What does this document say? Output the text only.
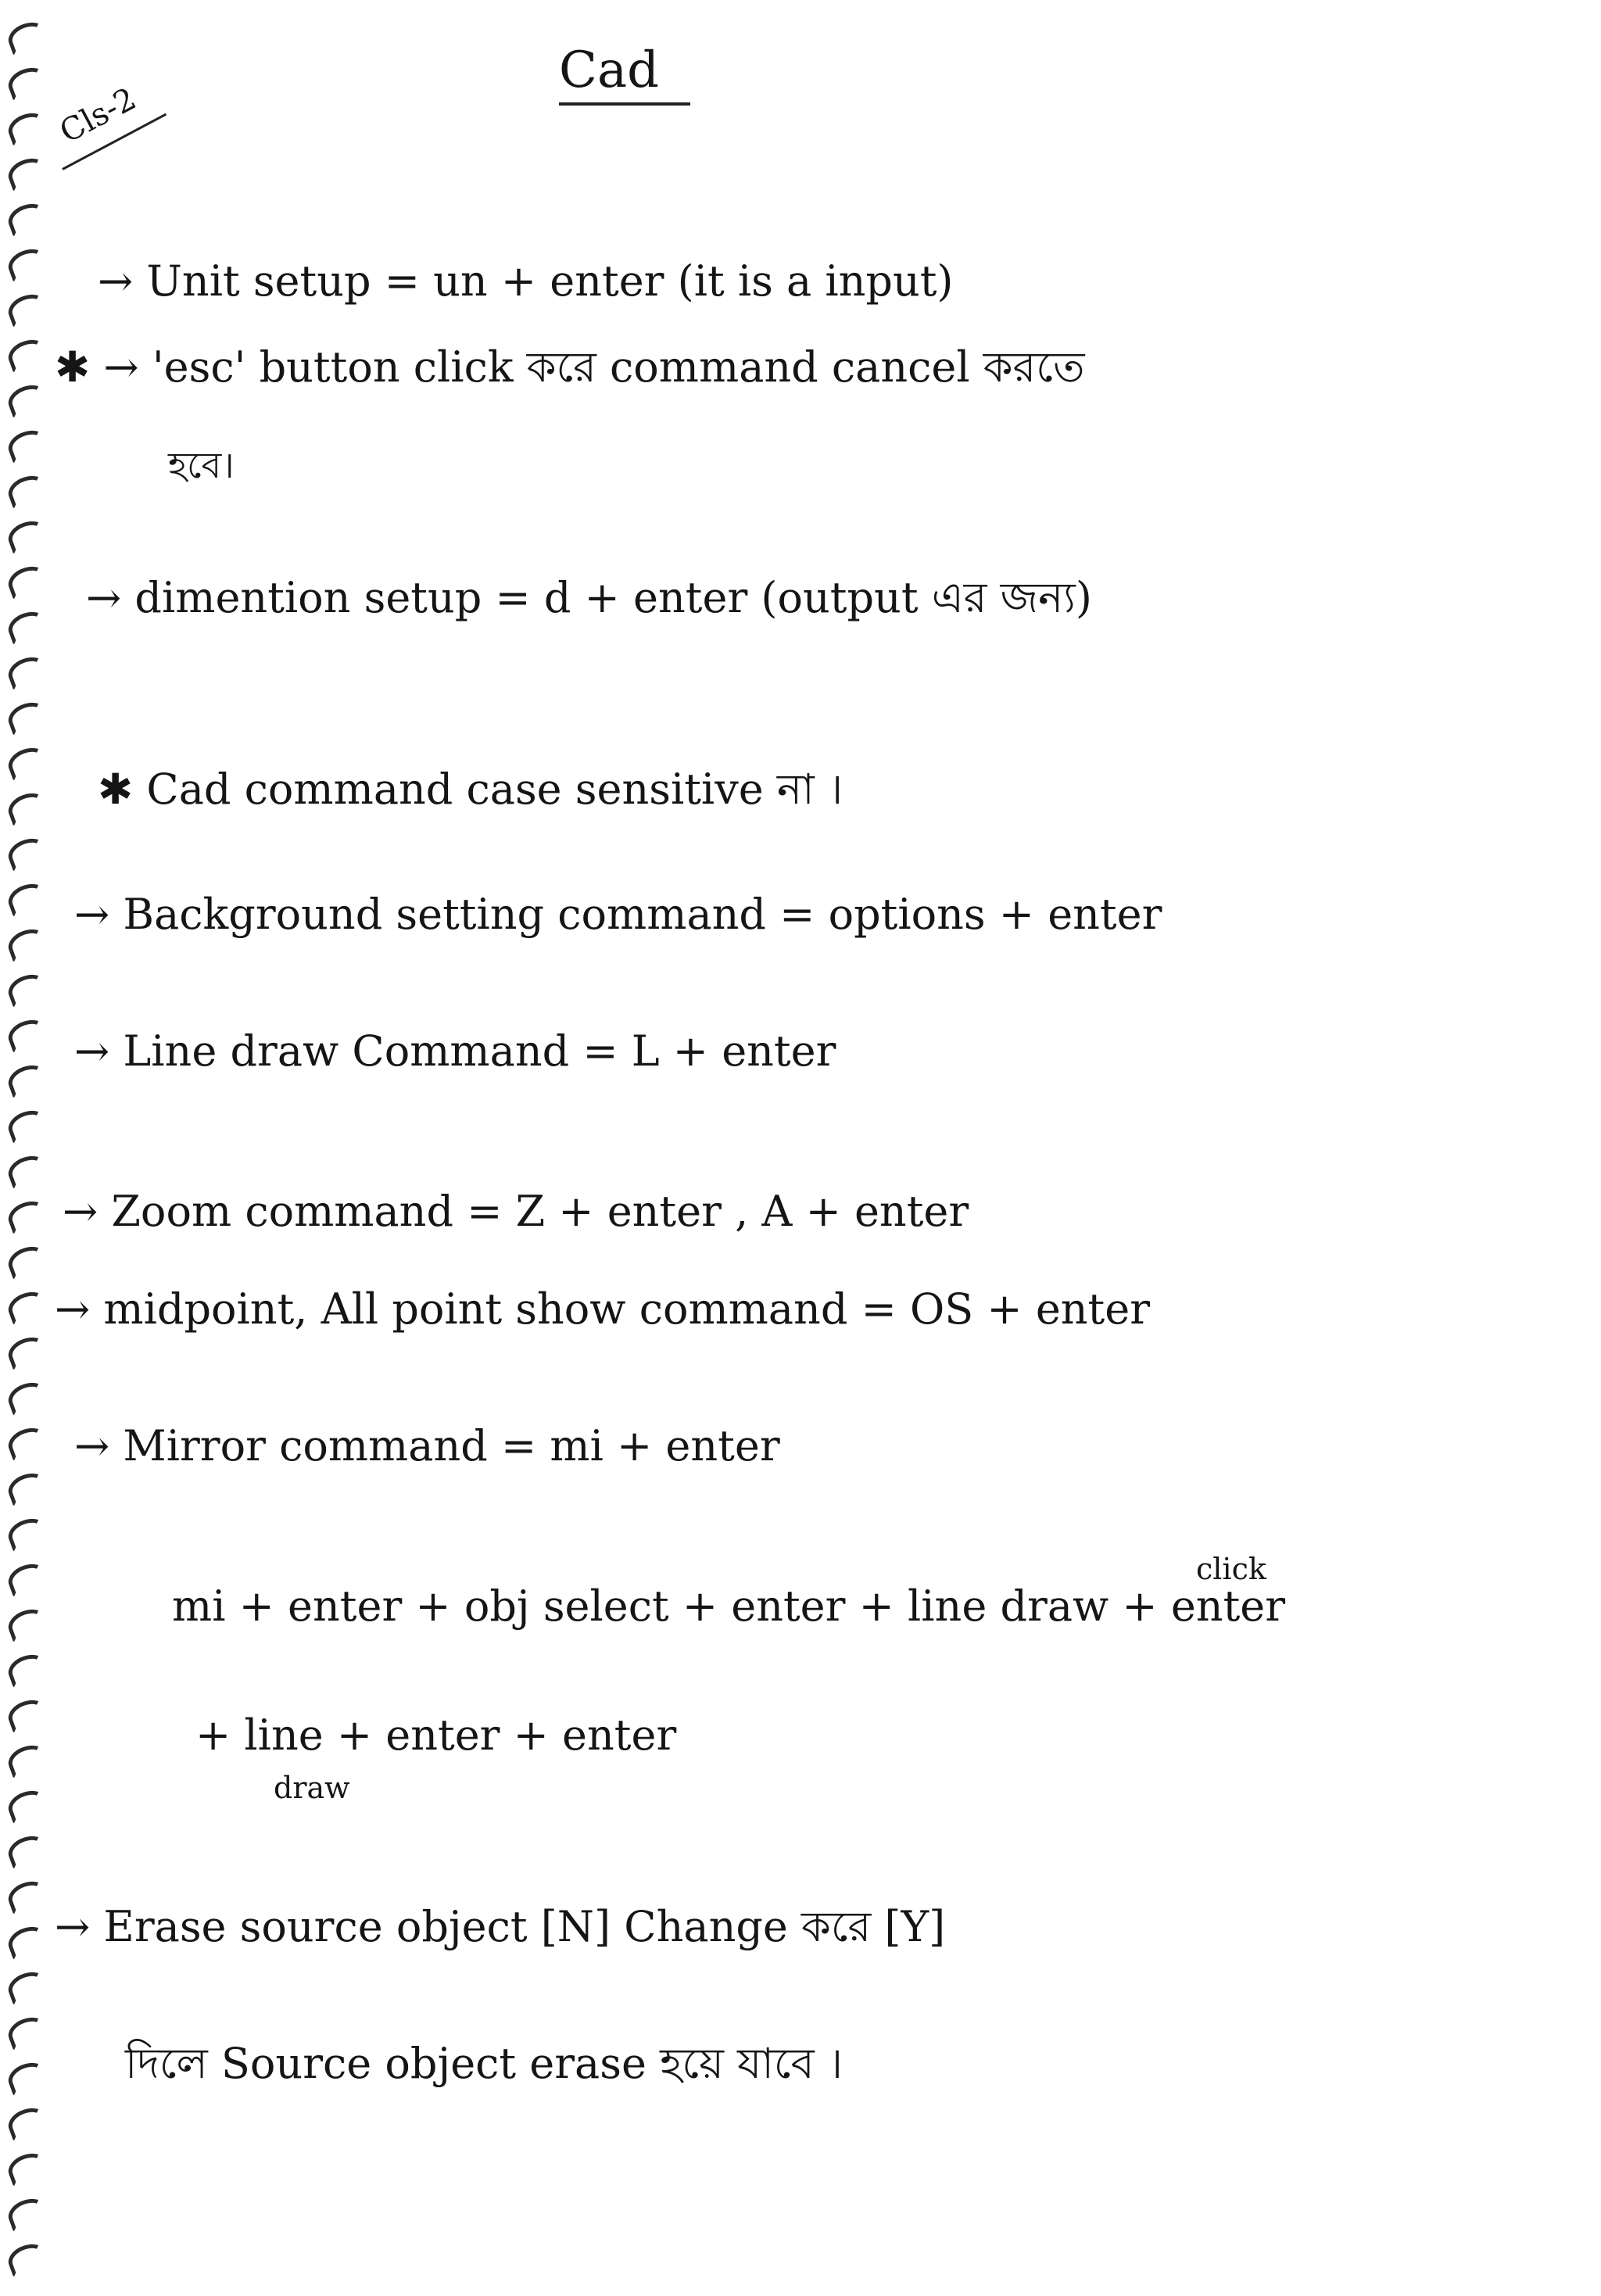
Cad
Cls-2
→ Unit setup = un + enter (it is a input)
✱ → 'esc' button click করে command cancel করতে
হবে।
→ dimention setup = d + enter (output এর জন্য)
✱ Cad command case sensitive না ।
→ Background setting command = options + enter
→ Line draw Command = L + enter
→ Zoom command = Z + enter , A + enter
→ midpoint, All point show command = OS + enter
→ Mirror command = mi + enter
click
mi + enter + obj select + enter + line draw + enter
+ line + enter + enter
draw
→ Erase source object [N] Change করে [Y]
দিলে Source object erase হয়ে যাবে ।
